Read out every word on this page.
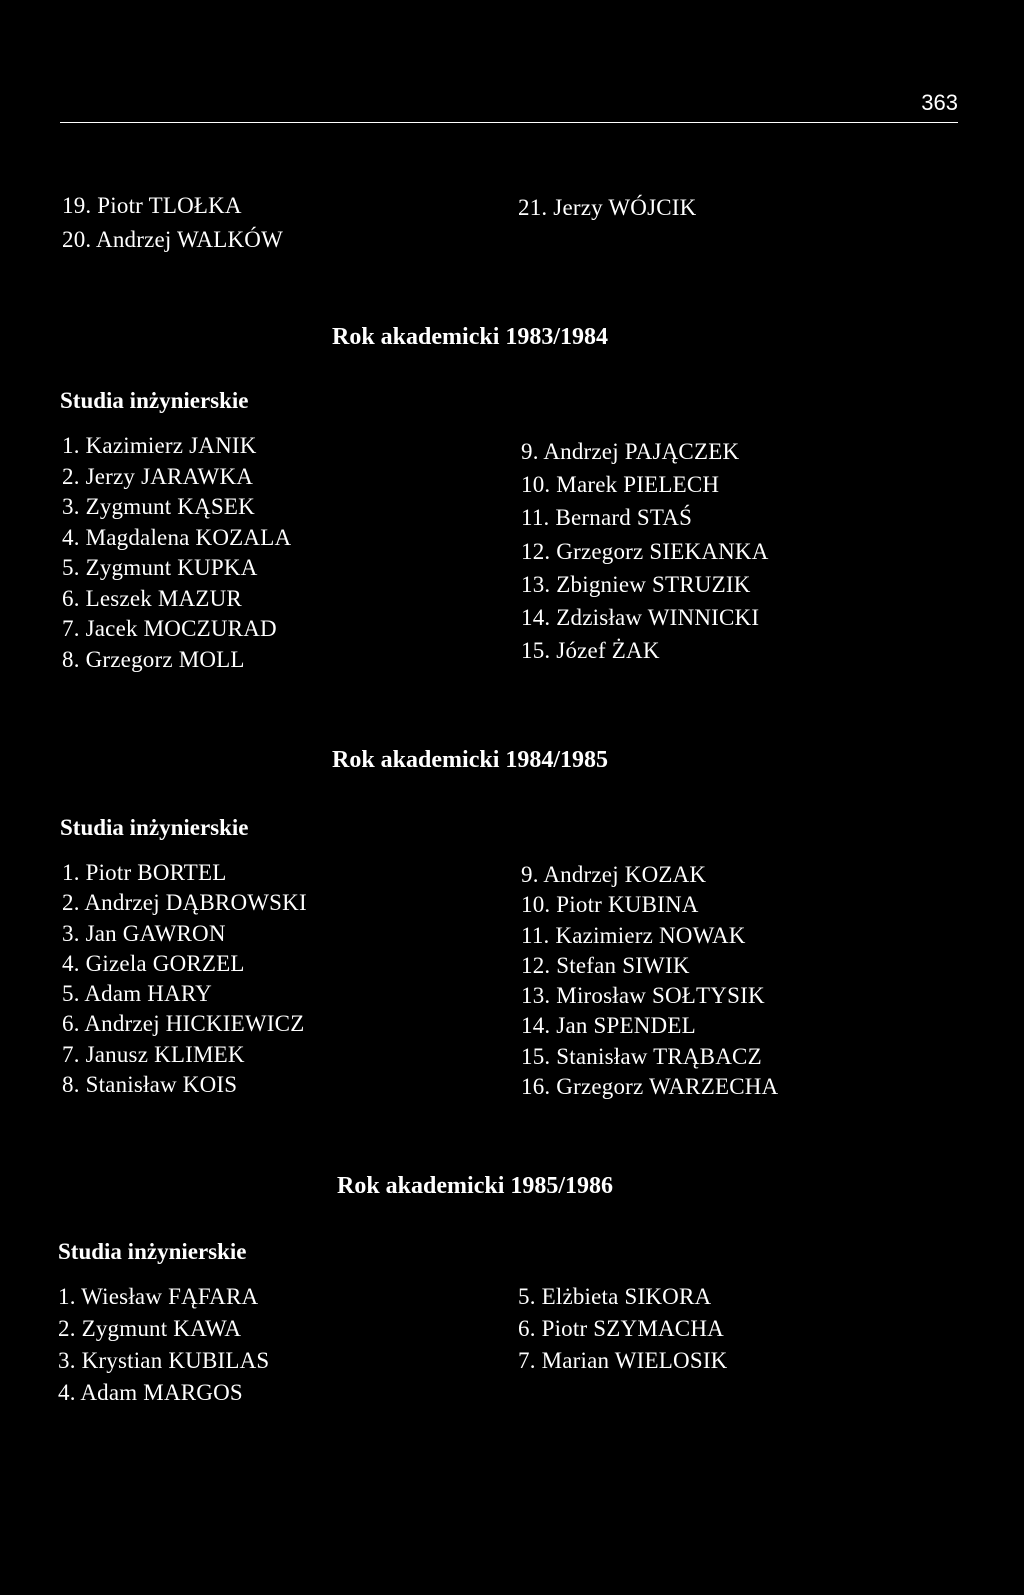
363
19. Piotr TLOŁKA
20. Andrzej WALKÓW
21. Jerzy WÓJCIK
Rok akademicki 1983/1984
Studia inżynierskie
1. Kazimierz JANIK
2. Jerzy JARAWKA
3. Zygmunt KĄSEK
4. Magdalena KOZALA
5. Zygmunt KUPKA
6. Leszek MAZUR
7. Jacek MOCZURAD
8. Grzegorz MOLL
9. Andrzej PAJĄCZEK
10. Marek PIELECH
11. Bernard STAŚ
12. Grzegorz SIEKANKA
13. Zbigniew STRUZIK
14. Zdzisław WINNICKI
15. Józef ŻAK
Rok akademicki 1984/1985
Studia inżynierskie
1. Piotr BORTEL
2. Andrzej DĄBROWSKI
3. Jan GAWRON
4. Gizela GORZEL
5. Adam HARY
6. Andrzej HICKIEWICZ
7. Janusz KLIMEK
8. Stanisław KOIS
9. Andrzej KOZAK
10. Piotr KUBINA
11. Kazimierz NOWAK
12. Stefan SIWIK
13. Mirosław SOŁTYSIK
14. Jan SPENDEL
15. Stanisław TRĄBACZ
16. Grzegorz WARZECHA
Rok akademicki 1985/1986
Studia inżynierskie
1. Wiesław FĄFARA
2. Zygmunt KAWA
3. Krystian KUBILAS
4. Adam MARGOS
5. Elżbieta SIKORA
6. Piotr SZYMACHA
7. Marian WIELOSIK
